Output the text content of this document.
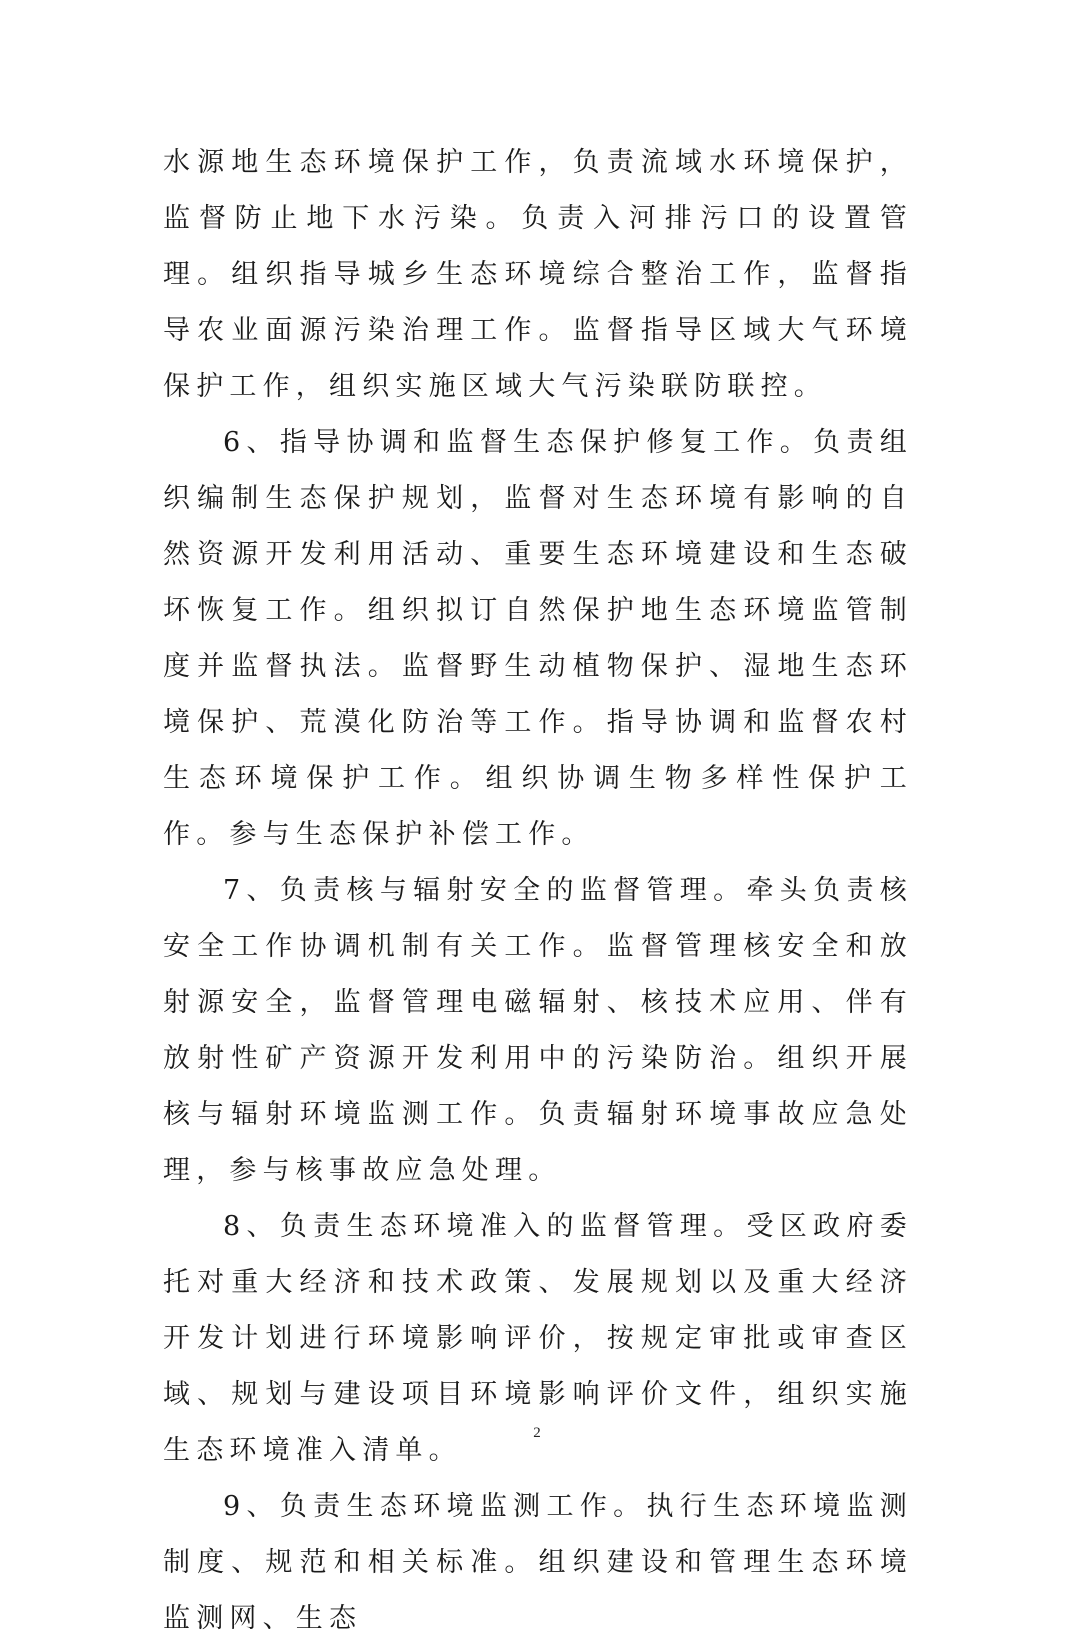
水源地生态环境保护工作，负责流域水环境保护，监督防止地下水污染。负责入河排污口的设置管理。组织指导城乡生态环境综合整治工作，监督指导农业面源污染治理工作。监督指导区域大气环境保护工作，组织实施区域大气污染联防联控。

6、指导协调和监督生态保护修复工作。负责组织编制生态保护规划，监督对生态环境有影响的自然资源开发利用活动、重要生态环境建设和生态破坏恢复工作。组织拟订自然保护地生态环境监管制度并监督执法。监督野生动植物保护、湿地生态环境保护、荒漠化防治等工作。指导协调和监督农村生态环境保护工作。组织协调生物多样性保护工作。参与生态保护补偿工作。

7、负责核与辐射安全的监督管理。牵头负责核安全工作协调机制有关工作。监督管理核安全和放射源安全，监督管理电磁辐射、核技术应用、伴有放射性矿产资源开发利用中的污染防治。组织开展核与辐射环境监测工作。负责辐射环境事故应急处理，参与核事故应急处理。

8、负责生态环境准入的监督管理。受区政府委托对重大经济和技术政策、发展规划以及重大经济开发计划进行环境影响评价，按规定审批或审查区域、规划与建设项目环境影响评价文件，组织实施生态环境准入清单。

9、负责生态环境监测工作。执行生态环境监测制度、规范和相关标准。组织建设和管理生态环境监测网、生态

2
